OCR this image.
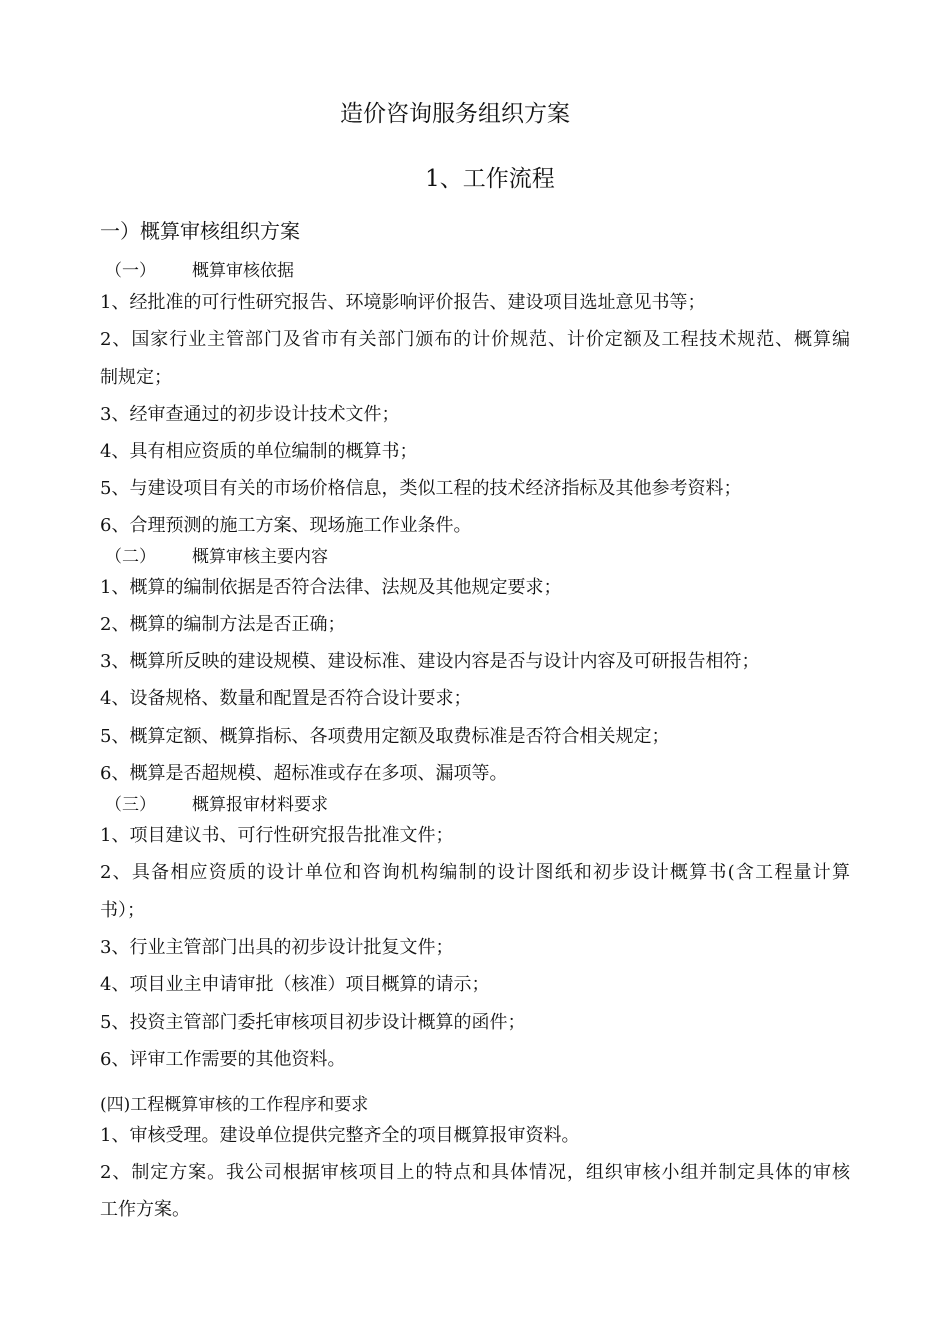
造价咨询服务组织方案
1、工作流程
一）概算审核组织方案
（一） 概算审核依据
1、经批准的可行性研究报告、环境影响评价报告、建设项目选址意见书等；
2、国家行业主管部门及省市有关部门颁布的计价规范、计价定额及工程技术规范、概算编
制规定；
3、经审查通过的初步设计技术文件；
4、具有相应资质的单位编制的概算书；
5、与建设项目有关的市场价格信息，类似工程的技术经济指标及其他参考资料；
6、合理预测的施工方案、现场施工作业条件。
（二） 概算审核主要内容
1、概算的编制依据是否符合法律、法规及其他规定要求；
2、概算的编制方法是否正确；
3、概算所反映的建设规模、建设标准、建设内容是否与设计内容及可研报告相符；
4、设备规格、数量和配置是否符合设计要求；
5、概算定额、概算指标、各项费用定额及取费标准是否符合相关规定；
6、概算是否超规模、超标准或存在多项、漏项等。
（三） 概算报审材料要求
1、项目建议书、可行性研究报告批准文件；
2、具备相应资质的设计单位和咨询机构编制的设计图纸和初步设计概算书(含工程量计算
书）；
3、行业主管部门出具的初步设计批复文件；
4、项目业主申请审批（核准）项目概算的请示；
5、投资主管部门委托审核项目初步设计概算的函件；
6、评审工作需要的其他资料。
(四)工程概算审核的工作程序和要求
1、审核受理。建设单位提供完整齐全的项目概算报审资料。
2、制定方案。我公司根据审核项目上的特点和具体情况，组织审核小组并制定具体的审核
工作方案。
